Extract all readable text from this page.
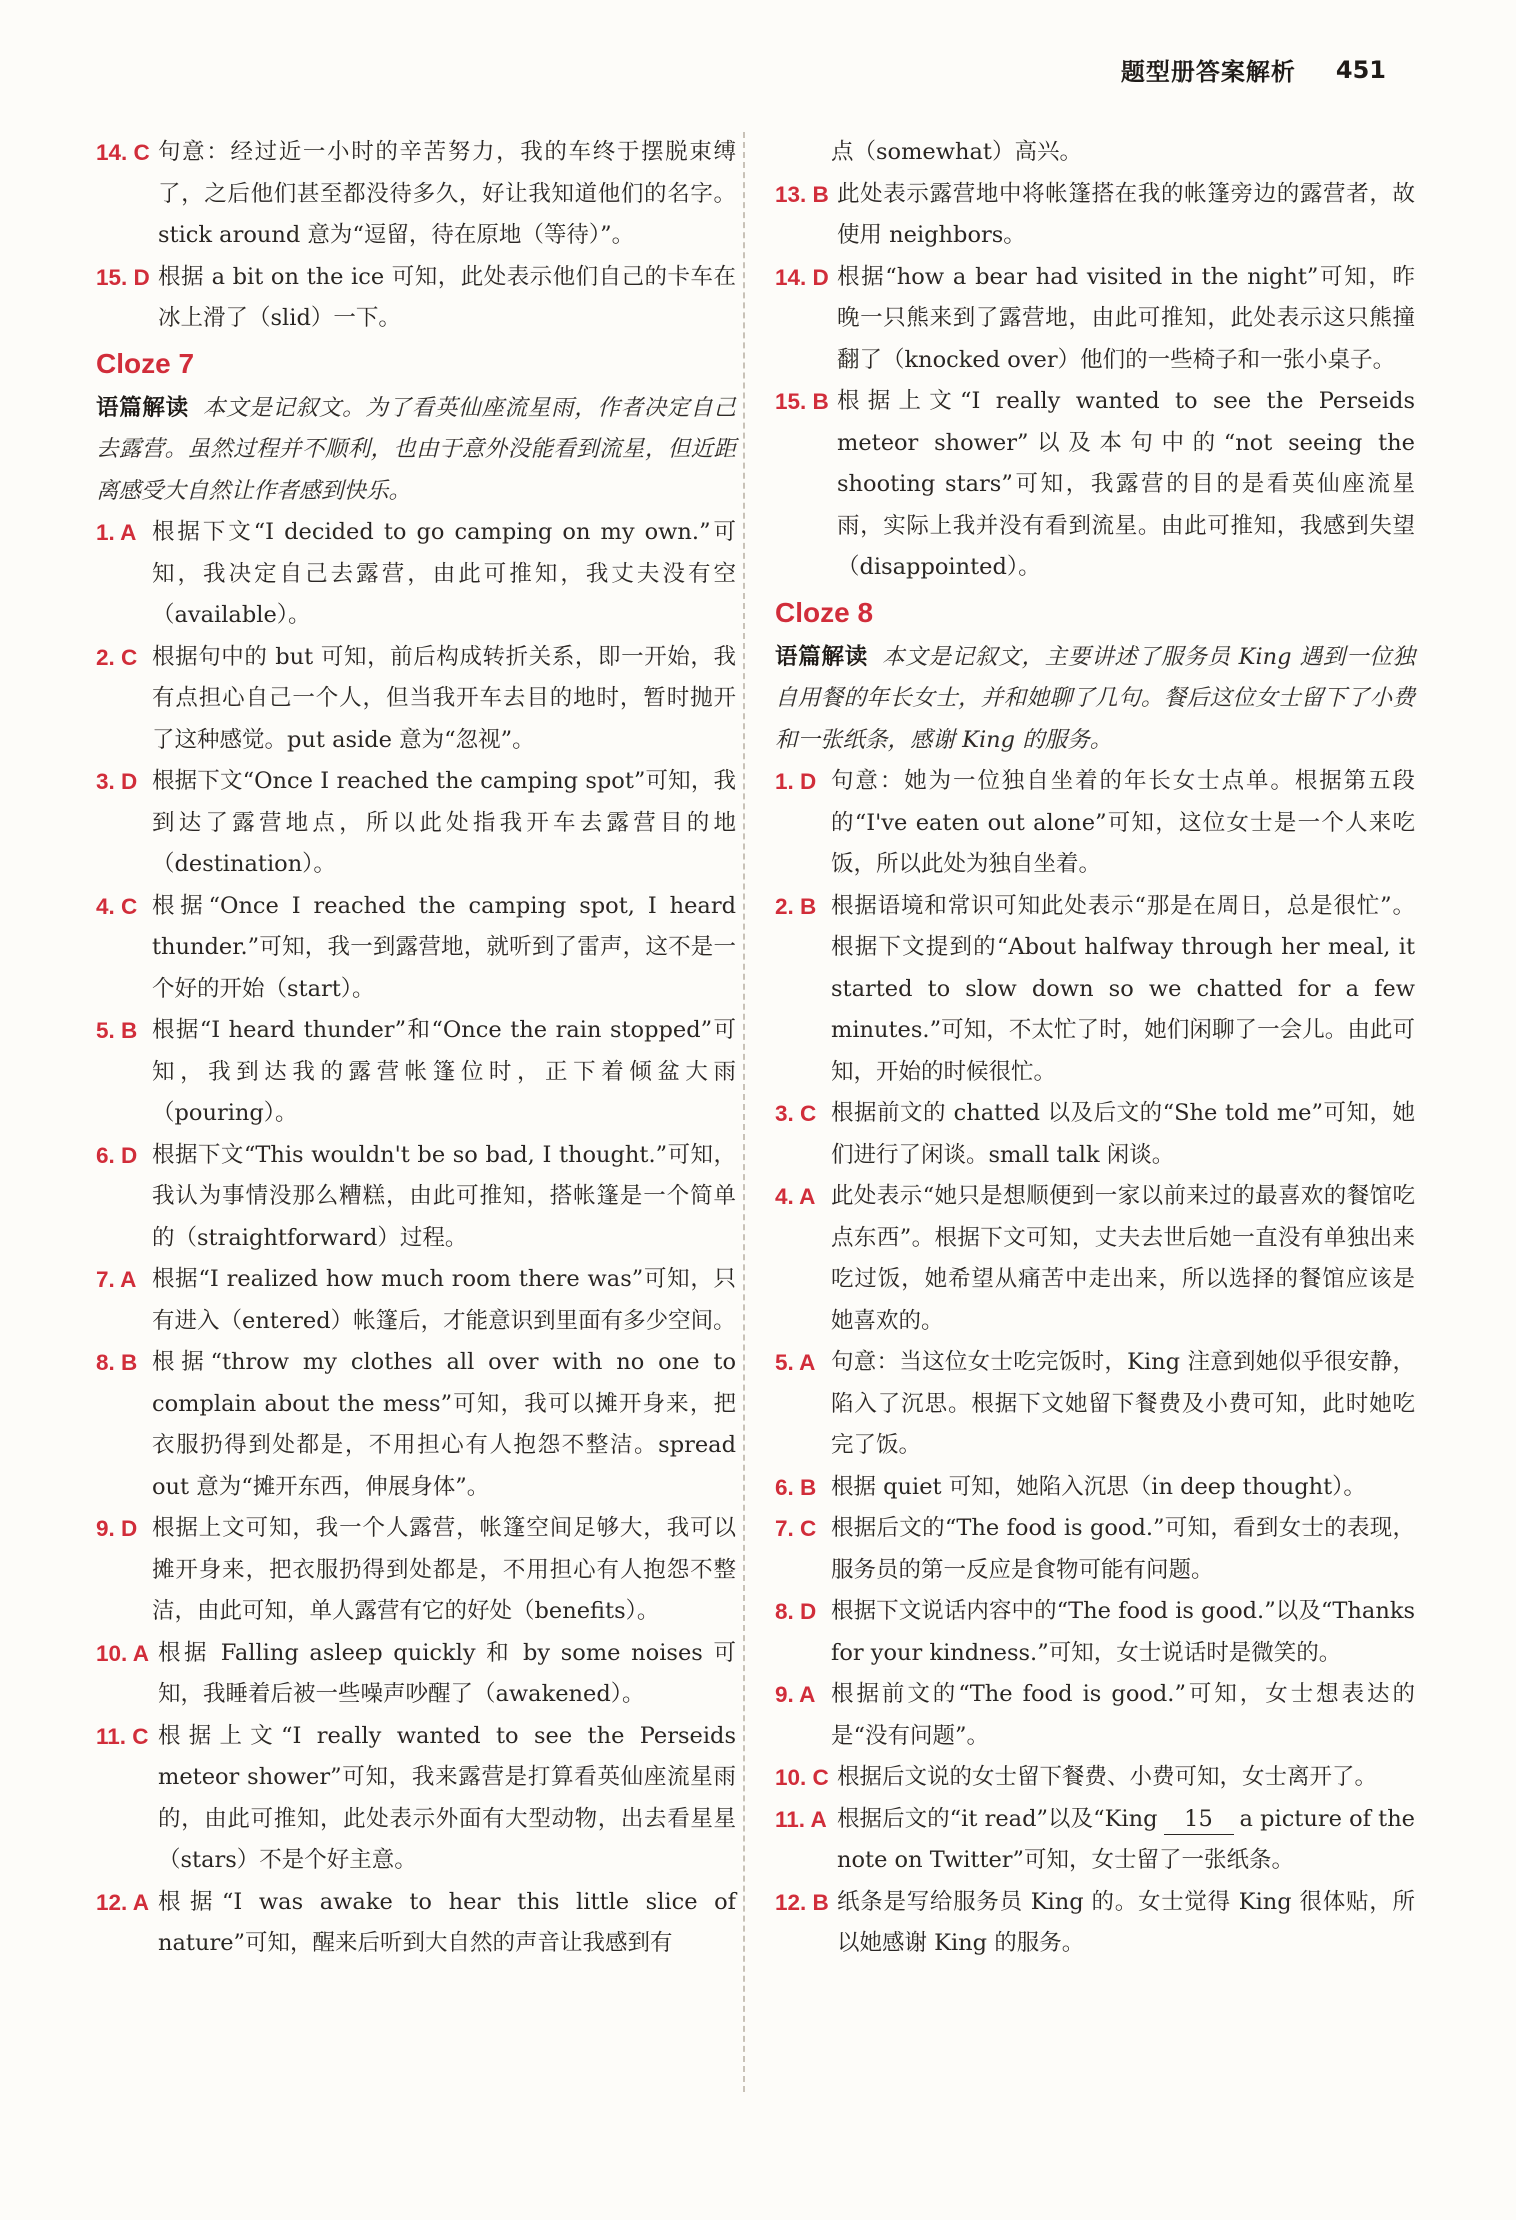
题型册答案解析 451
14. C 句意：经过近一小时的辛苦努力，我的车终于摆脱束缚了，之后他们甚至都没待多久，好让我知道他们的名字。stick around 意为“逗留，待在原地（等待）”。
15. D 根据 a bit on the ice 可知，此处表示他们自己的卡车在冰上滑了（slid）一下。
Cloze 7
语篇解读 本文是记叙文。为了看英仙座流星雨，作者决定自己去露营。虽然过程并不顺利，也由于意外没能看到流星，但近距离感受大自然让作者感到快乐。
1. A 根据下文“I decided to go camping on my own.”可知，我决定自己去露营，由此可推知，我丈夫没有空（available）。
2. C 根据句中的 but 可知，前后构成转折关系，即一开始，我有点担心自己一个人，但当我开车去目的地时，暂时抛开了这种感觉。put aside 意为“忽视”。
3. D 根据下文“Once I reached the camping spot”可知，我到达了露营地点，所以此处指我开车去露营目的地（destination）。
4. C 根据“Once I reached the camping spot, I heard thunder.”可知，我一到露营地，就听到了雷声，这不是一个好的开始（start）。
5. B 根据“I heard thunder”和“Once the rain stopped”可知，我到达我的露营帐篷位时，正下着倾盆大雨（pouring）。
6. D 根据下文“This wouldn't be so bad, I thought.”可知，我认为事情没那么糟糕，由此可推知，搭帐篷是一个简单的（straightforward）过程。
7. A 根据“I realized how much room there was”可知，只有进入（entered）帐篷后，才能意识到里面有多少空间。
8. B 根据“throw my clothes all over with no one to complain about the mess”可知，我可以摊开身来，把衣服扔得到处都是，不用担心有人抱怨不整洁。spread out 意为“摊开东西，伸展身体”。
9. D 根据上文可知，我一个人露营，帐篷空间足够大，我可以摊开身来，把衣服扔得到处都是，不用担心有人抱怨不整洁，由此可知，单人露营有它的好处（benefits）。
10. A 根据 Falling asleep quickly 和 by some noises 可知，我睡着后被一些噪声吵醒了（awakened）。
11. C 根据上文“I really wanted to see the Perseids meteor shower”可知，我来露营是打算看英仙座流星雨的，由此可推知，此处表示外面有大型动物，出去看星星（stars）不是个好主意。
12. A 根据“I was awake to hear this little slice of nature”可知，醒来后听到大自然的声音让我感到有
点（somewhat）高兴。
13. B 此处表示露营地中将帐篷搭在我的帐篷旁边的露营者，故使用 neighbors。
14. D 根据“how a bear had visited in the night”可知，昨晚一只熊来到了露营地，由此可推知，此处表示这只熊撞翻了（knocked over）他们的一些椅子和一张小桌子。
15. B 根据上文“I really wanted to see the Perseids meteor shower”以及本句中的“not seeing the shooting stars”可知，我露营的目的是看英仙座流星雨，实际上我并没有看到流星。由此可推知，我感到失望（disappointed）。
Cloze 8
语篇解读 本文是记叙文，主要讲述了服务员 King 遇到一位独自用餐的年长女士，并和她聊了几句。餐后这位女士留下了小费和一张纸条，感谢 King 的服务。
1. D 句意：她为一位独自坐着的年长女士点单。根据第五段的“I've eaten out alone”可知，这位女士是一个人来吃饭，所以此处为独自坐着。
2. B 根据语境和常识可知此处表示“那是在周日，总是很忙”。根据下文提到的“About halfway through her meal, it started to slow down so we chatted for a few minutes.”可知，不太忙了时，她们闲聊了一会儿。由此可知，开始的时候很忙。
3. C 根据前文的 chatted 以及后文的“She told me”可知，她们进行了闲谈。small talk 闲谈。
4. A 此处表示“她只是想顺便到一家以前来过的最喜欢的餐馆吃点东西”。根据下文可知，丈夫去世后她一直没有单独出来吃过饭，她希望从痛苦中走出来，所以选择的餐馆应该是她喜欢的。
5. A 句意：当这位女士吃完饭时，King 注意到她似乎很安静，陷入了沉思。根据下文她留下餐费及小费可知，此时她吃完了饭。
6. B 根据 quiet 可知，她陷入沉思（in deep thought）。
7. C 根据后文的“The food is good.”可知，看到女士的表现，服务员的第一反应是食物可能有问题。
8. D 根据下文说话内容中的“The food is good.”以及“Thanks for your kindness.”可知，女士说话时是微笑的。
9. A 根据前文的“The food is good.”可知，女士想表达的是“没有问题”。
10. C 根据后文说的女士留下餐费、小费可知，女士离开了。
11. A 根据后文的“it read”以及“King 15 a picture of the note on Twitter”可知，女士留了一张纸条。
12. B 纸条是写给服务员 King 的。女士觉得 King 很体贴，所以她感谢 King 的服务。
